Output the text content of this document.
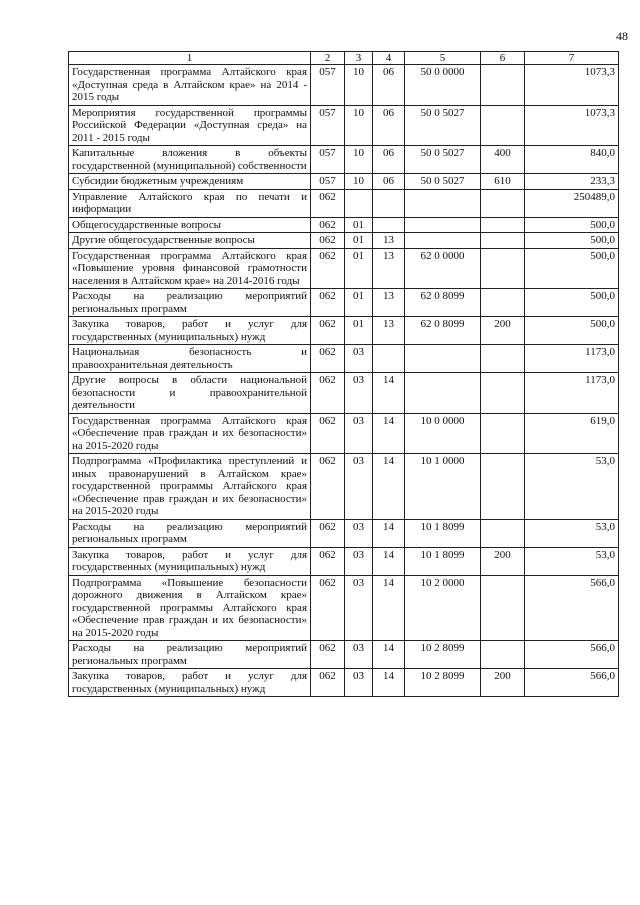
48
1	2	3	4	5	6	7
Государственная программа Алтайского края «Доступная среда в Алтайском крае» на 2014 - 2015 годы	057	10	06	50 0 0000		1073,3
Мероприятия государственной программы Российской Федерации «Доступная среда» на 2011 - 2015 годы	057	10	06	50 0 5027		1073,3
Капитальные вложения в объекты государственной (муниципальной) собственности	057	10	06	50 0 5027	400	840,0
Субсидии бюджетным учреждениям	057	10	06	50 0 5027	610	233,3
Управление Алтайского края по печати и информации	062					250489,0
Общегосударственные вопросы	062	01				500,0
Другие общегосударственные вопросы	062	01	13			500,0
Государственная программа Алтайского края «Повышение уровня финансовой грамотности населения в Алтайском крае» на 2014-2016 годы	062	01	13	62 0 0000		500,0
Расходы на реализацию мероприятий региональных программ	062	01	13	62 0 8099		500,0
Закупка товаров, работ и услуг для государственных (муниципальных) нужд	062	01	13	62 0 8099	200	500,0
Национальная безопасность и правоохранительная деятельность	062	03				1173,0
Другие вопросы в области национальной безопасности и правоохранительной деятельности	062	03	14			1173,0
Государственная программа Алтайского края «Обеспечение прав граждан и их безопасности» на 2015-2020 годы	062	03	14	10 0 0000		619,0
Подпрограмма «Профилактика преступлений и иных правонарушений в Алтайском крае» государственной программы Алтайского края «Обеспечение прав граждан и их безопасности» на 2015-2020 годы	062	03	14	10 1 0000		53,0
Расходы на реализацию мероприятий региональных программ	062	03	14	10 1 8099		53,0
Закупка товаров, работ и услуг для государственных (муниципальных) нужд	062	03	14	10 1 8099	200	53,0
Подпрограмма «Повышение безопасности дорожного движения в Алтайском крае» государственной программы Алтайского края «Обеспечение прав граждан и их безопасности» на 2015-2020 годы	062	03	14	10 2 0000		566,0
Расходы на реализацию мероприятий региональных программ	062	03	14	10 2 8099		566,0
Закупка товаров, работ и услуг для государственных (муниципальных) нужд	062	03	14	10 2 8099	200	566,0
